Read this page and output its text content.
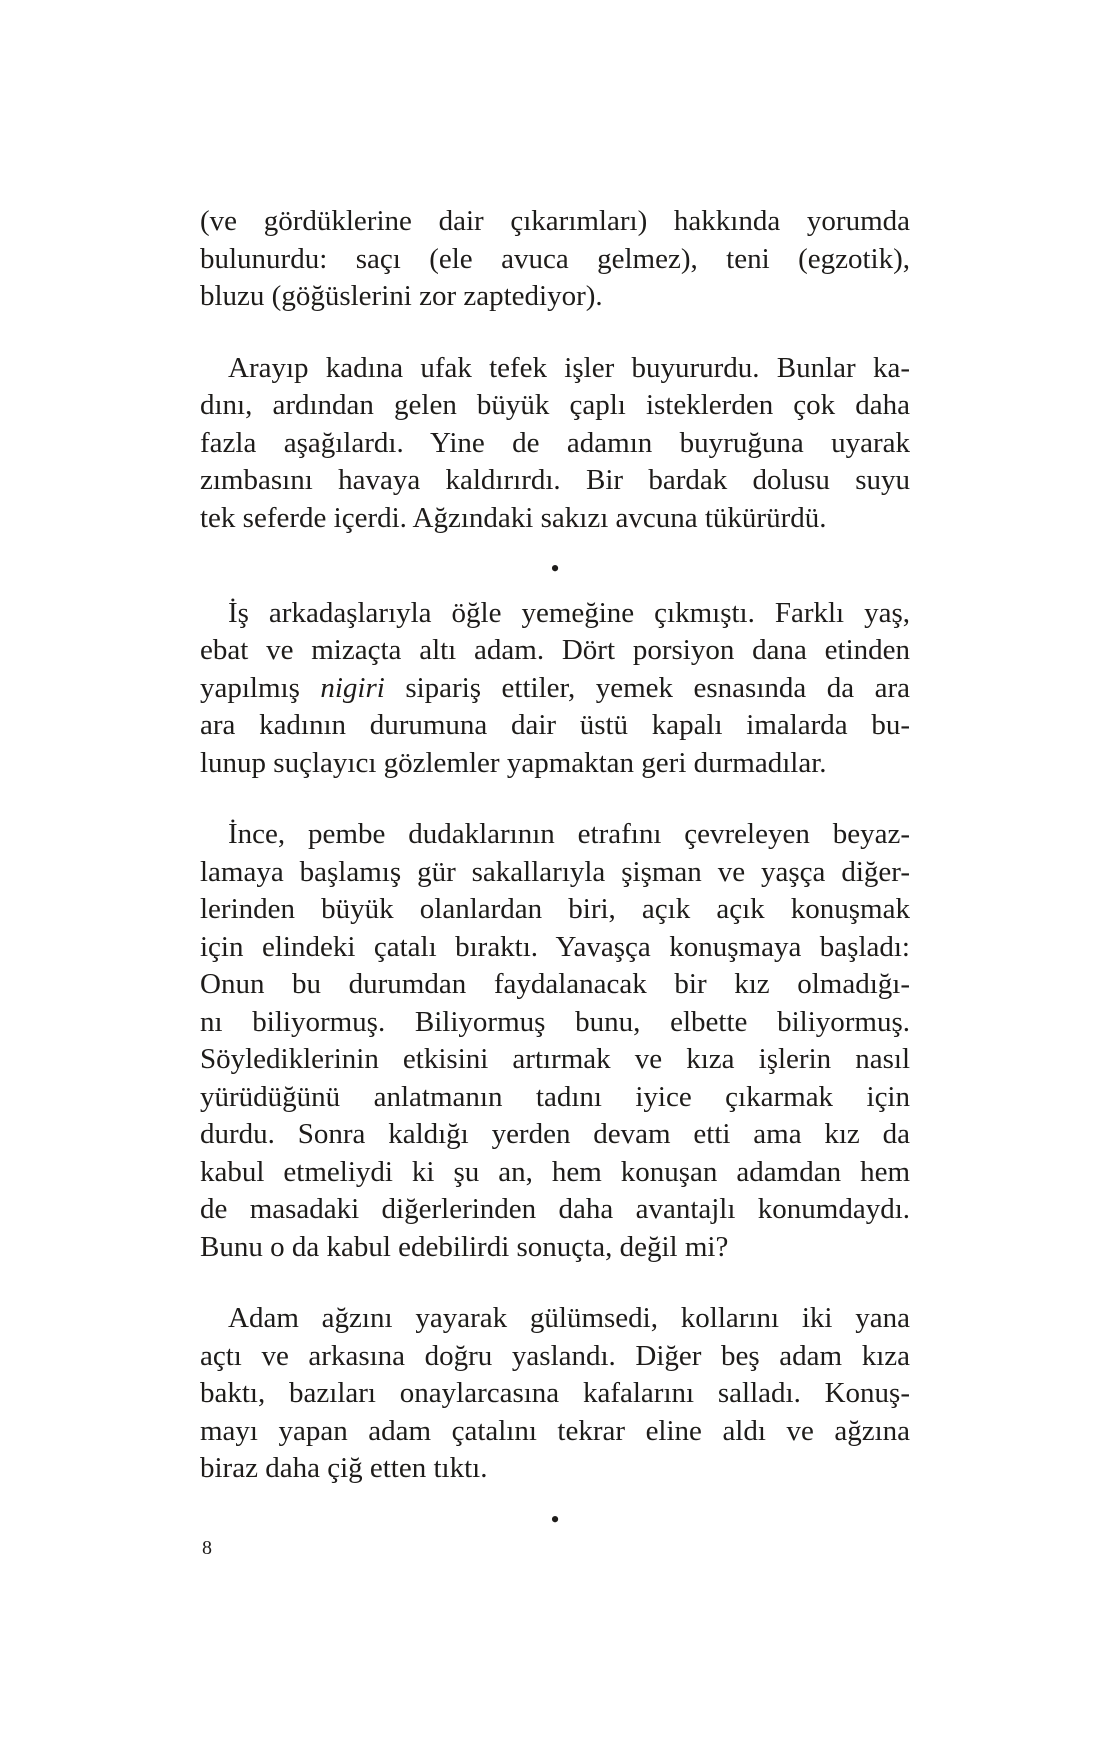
(ve gördüklerine dair çıkarımları) hakkında yorumda
bulunurdu: saçı (ele avuca gelmez), teni (egzotik),
bluzu (göğüslerini zor zaptediyor).
Arayıp kadına ufak tefek işler buyururdu. Bunlar ka-
dını, ardından gelen büyük çaplı isteklerden çok daha
fazla aşağılardı. Yine de adamın buyruğuna uyarak
zımbasını havaya kaldırırdı. Bir bardak dolusu suyu
tek seferde içerdi. Ağzındaki sakızı avcuna tükürürdü.
•
İş arkadaşlarıyla öğle yemeğine çıkmıştı. Farklı yaş,
ebat ve mizaçta altı adam. Dört porsiyon dana etinden
yapılmış nigiri sipariş ettiler, yemek esnasında da ara
ara kadının durumuna dair üstü kapalı imalarda bu-
lunup suçlayıcı gözlemler yapmaktan geri durmadılar.
İnce, pembe dudaklarının etrafını çevreleyen beyaz-
lamaya başlamış gür sakallarıyla şişman ve yaşça diğer-
lerinden büyük olanlardan biri, açık açık konuşmak
için elindeki çatalı bıraktı. Yavaşça konuşmaya başladı:
Onun bu durumdan faydalanacak bir kız olmadığı-
nı biliyormuş. Biliyormuş bunu, elbette biliyormuş.
Söylediklerinin etkisini artırmak ve kıza işlerin nasıl
yürüdüğünü anlatmanın tadını iyice çıkarmak için
durdu. Sonra kaldığı yerden devam etti ama kız da
kabul etmeliydi ki şu an, hem konuşan adamdan hem
de masadaki diğerlerinden daha avantajlı konumdaydı.
Bunu o da kabul edebilirdi sonuçta, değil mi?
Adam ağzını yayarak gülümsedi, kollarını iki yana
açtı ve arkasına doğru yaslandı. Diğer beş adam kıza
baktı, bazıları onaylarcasına kafalarını salladı. Konuş-
mayı yapan adam çatalını tekrar eline aldı ve ağzına
biraz daha çiğ etten tıktı.
•
8
